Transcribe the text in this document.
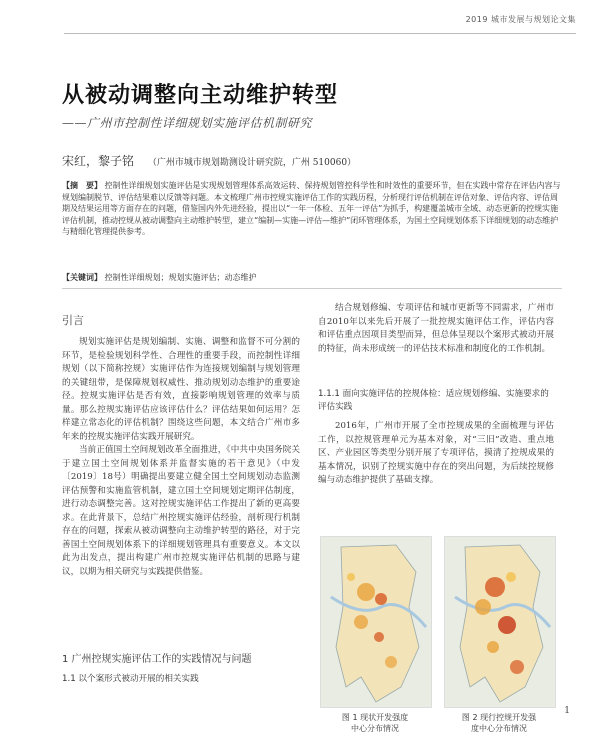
2019 城市发展与规划论文集
从被动调整向主动维护转型
——广州市控制性详细规划实施评估机制研究
宋红，黎子铭 （广州市城市规划勘测设计研究院，广州 510060）
【摘　要】 控制性详细规划实施评估是实现规划管理体系高效运转、保持规划管控科学性和时效性的重要环节，但在实践中常存在评估内容与规划编制脱节、评估结果难以反馈等问题。本文梳理广州市控规实施评估工作的实践历程，分析现行评估机制在评估对象、评估内容、评估周期及结果运用等方面存在的问题，借鉴国内外先进经验，提出以“一年一体检、五年一评估”为抓手，构建覆盖城市全域、动态更新的控规实施评估机制，推动控规从被动调整向主动维护转型，建立“编制—实施—评估—维护”闭环管理体系，为国土空间规划体系下详细规划的动态维护与精细化管理提供参考。
【关键词】 控制性详细规划；规划实施评估；动态维护
引言

规划实施评估是规划编制、实施、调整和监督不可分割的环节，是检验规划科学性、合理性的重要手段，而控制性详细规划（以下简称控规）实施评估作为连接规划编制与规划管理的关键纽带，是保障规划权威性、推动规划动态维护的重要途径。控规实施评估是否有效，直接影响规划管理的效率与质量。那么控规实施评估应该评估什么？评估结果如何运用？怎样建立常态化的评估机制？围绕这些问题，本文结合广州市多年来的控规实施评估实践开展研究。

当前正值国土空间规划改革全面推进，《中共中央国务院关于建立国土空间规划体系并监督实施的若干意见》（中发〔2019〕18号）明确提出要建立健全国土空间规划动态监测评估预警和实施监管机制，建立国土空间规划定期评估制度，进行动态调整完善。这对控规实施评估工作提出了新的更高要求。在此背景下，总结广州控规实施评估经验，剖析现行机制存在的问题，探索从被动调整向主动维护转型的路径，对于完善国土空间规划体系下的详细规划管理具有重要意义。本文以此为出发点，提出构建广州市控规实施评估机制的思路与建议，以期为相关研究与实践提供借鉴。

1 广州控规实施评估工作的实践情况与问题
1.1 以个案形式被动开展的相关实践

结合规划修编、专项评估和城市更新等不同需求，广州市自2010年以来先后开展了一批控规实施评估工作，评估内容和评估重点因项目类型而异，但总体呈现以个案形式被动开展的特征，尚未形成统一的评估技术标准和制度化的工作机制。

1.1.1 面向实施评估的控规体检：适应规划修编、实施要求的评估实践

2016年，广州市开展了全市控规成果的全面梳理与评估工作，以控规管理单元为基本对象，对“三旧”改造、重点地区、产业园区等类型分别开展了专项评估，摸清了控规成果的基本情况，识别了控规实施中存在的突出问题，为后续控规修编与动态维护提供了基础支撑。

图 1 现状开发强度
中心分布情况
图 2 现行控规开发强
度中心分布情况
1
